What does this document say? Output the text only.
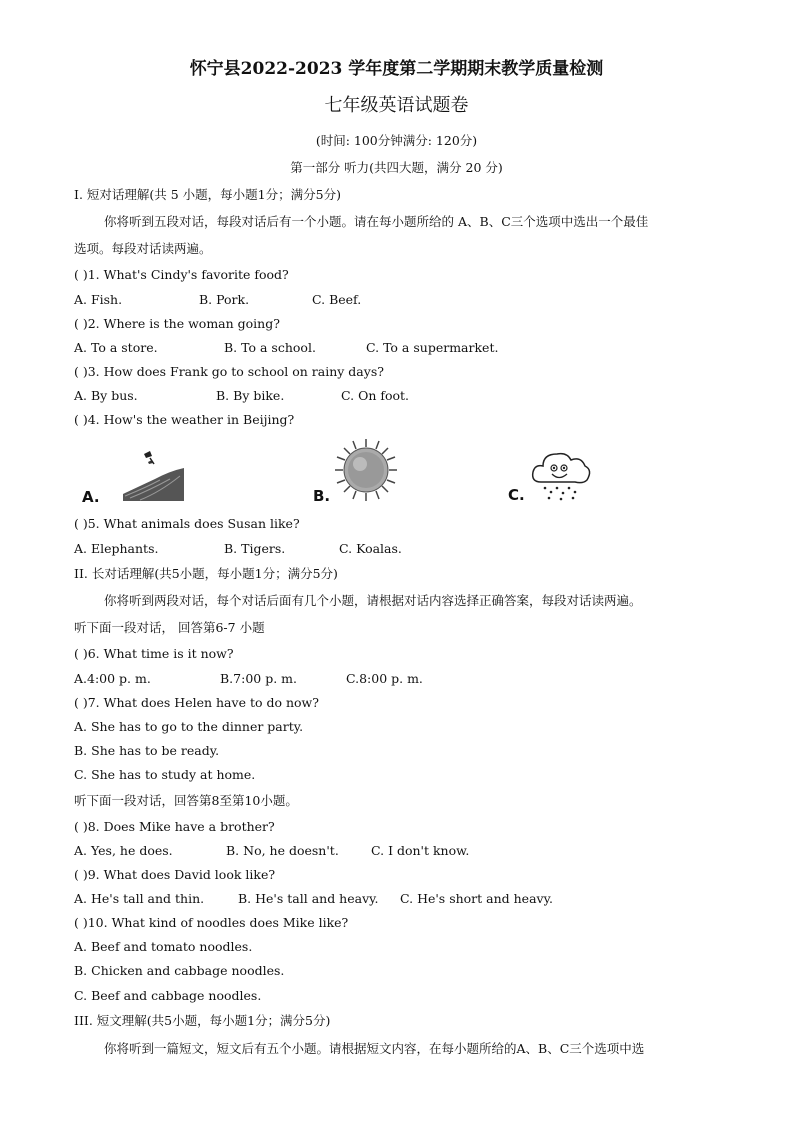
怀宁县2022-2023 学年度第二学期期末教学质量检测
七年级英语试题卷
(时间: 100分钟满分: 120分)
第一部分 听力(共四大题，满分 20 分)
I. 短对话理解(共 5 小题，每小题1分；满分5分)
你将听到五段对话，每段对话后有一个小题。请在每小题所给的 A、B、C三个选项中选出一个最佳
选项。每段对话读两遍。
( )1. What's Cindy's favorite food?
A. Fish.	B. Pork.	C. Beef.
( )2. Where is the woman going?
A. To a store.	B. To a school.	C. To a supermarket.
( )3. How does Frank go to school on rainy days?
A. By bus.	B. By bike.	C. On foot.
( )4. How's the weather in Beijing?
A.	B.	C.
( )5. What animals does Susan like?
A. Elephants.	B. Tigers.	C. Koalas.
II. 长对话理解(共5小题，每小题1分；满分5分)
你将听到两段对话，每个对话后面有几个小题，请根据对话内容选择正确答案，每段对话读两遍。
听下面一段对话， 回答第6-7 小题
( )6. What time is it now?
A.4:00 p. m.	B.7:00 p. m.	C.8:00 p. m.
( )7. What does Helen have to do now?
A. She has to go to the dinner party.
B. She has to be ready.
C. She has to study at home.
听下面一段对话，回答第8至第10小题。
( )8. Does Mike have a brother?
A. Yes, he does.	B. No, he doesn't.	C. I don't know.
( )9. What does David look like?
A. He's tall and thin.	B. He's tall and heavy. C. He's short and heavy.
( )10. What kind of noodles does Mike like?
A. Beef and tomato noodles.
B. Chicken and cabbage noodles.
C. Beef and cabbage noodles.
III. 短文理解(共5小题，每小题1分；满分5分)
你将听到一篇短文，短文后有五个小题。请根据短文内容，在每小题所给的A、B、C三个选项中选
